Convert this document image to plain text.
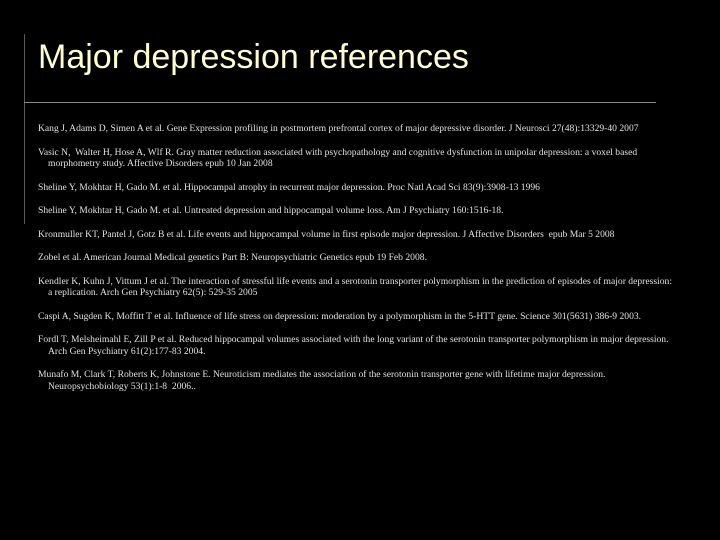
Major depression references
Kang J, Adams D, Simen A et al. Gene Expression profiling in postmortem prefrontal cortex of major depressive disorder. J Neurosci 27(48):13329-40 2007
Vasic N,  Walter H, Hose A, Wlf R. Gray matter reduction associated with psychopathology and cognitive dysfunction in unipolar depression: a voxel based morphometry study. Affective Disorders epub 10 Jan 2008
Sheline Y, Mokhtar H, Gado M. et al. Hippocampal atrophy in recurrent major depression. Proc Natl Acad Sci 83(9):3908-13 1996
Sheline Y, Mokhtar H, Gado M. et al. Untreated depression and hippocampal volume loss. Am J Psychiatry 160:1516-18.
Kronmuller KT, Pantel J, Gotz B et al. Life events and hippocampal volume in first episode major depression. J Affective Disorders  epub Mar 5 2008
Zobel et al. American Journal Medical genetics Part B: Neuropsychiatric Genetics epub 19 Feb 2008.
Kendler K, Kuhn J, Vittum J et al. The interaction of stressful life events and a serotonin transporter polymorphism in the prediction of episodes of major depression: a replication. Arch Gen Psychiatry 62(5): 529-35 2005
Caspi A, Sugden K, Moffitt T et al. Influence of life stress on depression: moderation by a polymorphism in the 5-HTT gene. Science 301(5631) 386-9 2003.
Fordl T, Melsheimahl E, Zill P et al. Reduced hippocampal volumes associated with the long variant of the serotonin transporter polymorphism in major depression. Arch Gen Psychiatry 61(2):177-83 2004.
Munafo M, Clark T, Roberts K, Johnstone E. Neuroticism mediates the association of the serotonin transporter gene with lifetime major depression. Neuropsychobiology 53(1):1-8  2006..
